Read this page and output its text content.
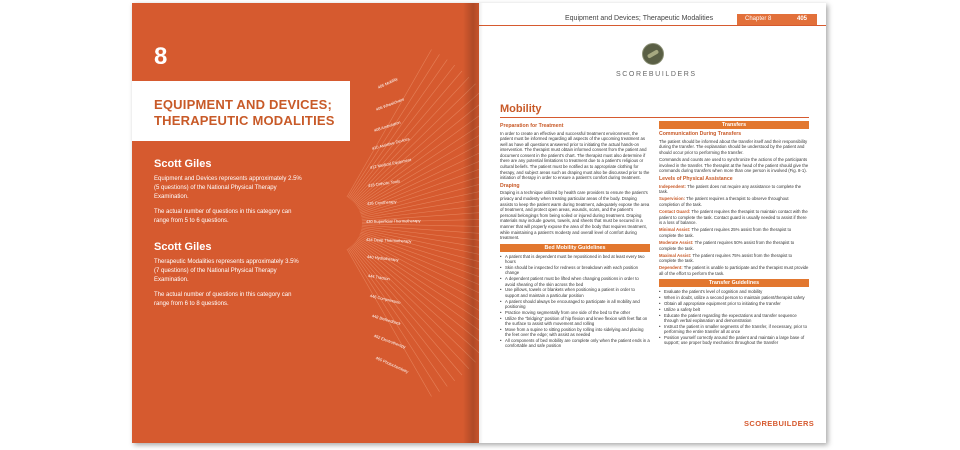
8
EQUIPMENT AND DEVICES;
THERAPEUTIC MODALITIES
Scott Giles
Equipment and Devices represents approximately 2.5% (5 questions) of the National Physical Therapy Examination.
The actual number of questions in this category can range from 5 to 6 questions.
Scott Giles
Therapeutic Modalities represents approximately 3.5% (7 questions) of the National Physical Therapy Examination.
The actual number of questions in this category can range from 6 to 8 questions.
405 Mobility
406 Wheelchairs
408 Ambulation
410 Assistive Devices
412 Medical Equipment
418 Orthotic Tools
426 Cryotherapy
430 Superficial Thermotherapy
434 Deep Thermotherapy
440 Hydrotherapy
444 Traction
446 Compression
448 Biofeedback
452 Electrotherapy
465 Photochemistry
Equipment and Devices; Therapeutic Modalities	Chapter 8	405
SCOREBUILDERS
Mobility
Preparation for Treatment
In order to create an effective and successful treatment environment, the patient must be informed regarding all aspects of the upcoming treatment as well as have all questions answered prior to initiating the actual hands-on intervention. The therapist must obtain informed consent from the patient and document consent in the patient's chart. The therapist must also determine if there are any potential limitations to treatment due to a patient's religious or cultural beliefs. The patient must be notified as to appropriate clothing for therapy, and subject areas such as draping must also be discussed prior to the initiation of therapy in order to ensure a patient's comfort during treatment.
Draping
Draping is a technique utilized by health care providers to ensure the patient's privacy and modesty when treating particular areas of the body. Draping assists to keep the patient warm during treatment, adequately expose the area of treatment, and protect open areas, wounds, scars, and the patient's personal belongings from being soiled or injured during treatment. Draping materials may include gowns, towels, and sheets that must be secured in a manner that will properly expose the area of the body that requires treatment, while maintaining a patient's modesty and overall level of comfort during treatment.
Bed Mobility Guidelines
• A patient that is dependent must be repositioned in bed at least every two hours
• Skin should be inspected for redness or breakdown with each position change
• A dependent patient must be lifted when changing positions in order to avoid shearing of the skin across the bed
• Use pillows, towels or blankets when positioning a patient in order to support and maintain a particular position
• A patient should always be encouraged to participate in all mobility and positioning
• Practice moving segmentally from one side of the bed to the other
• Utilize the "bridging" position of hip flexion and knee flexion with feet flat on the surface to assist with movement and rolling
• Move from a supine to sitting position by rolling into sidelying and placing the feet over the edge; with assist as needed
• All components of bed mobility are complete only when the patient ends in a comfortable and safe position
Transfers
Communication During Transfers
The patient should be informed about the transfer itself and their responsibility during the transfer. The explanation should be understood by the patient and should occur prior to performing the transfer.
Commands and counts are used to synchronize the actions of the participants involved in the transfer. The therapist at the head of the patient should give the commands during transfers when more than one person is involved (Fig. 8-1).
Levels of Physical Assistance
Independent: The patient does not require any assistance to complete the task.
Supervision: The patient requires a therapist to observe throughout completion of the task.
Contact Guard: The patient requires the therapist to maintain contact with the patient to complete the task. Contact guard is usually needed to assist if there is a loss of balance.
Minimal Assist: The patient requires 25% assist from the therapist to complete the task.
Moderate Assist: The patient requires 50% assist from the therapist to complete the task.
Maximal Assist: The patient requires 75% assist from the therapist to complete the task.
Dependent: The patient is unable to participate and the therapist must provide all of the effort to perform the task.
Transfer Guidelines
• Evaluate the patient's level of cognition and mobility
• When in doubt, utilize a second person to maintain patient/therapist safety
• Obtain all appropriate equipment prior to initiating the transfer
• Utilize a safety belt
• Educate the patient regarding the expectations and transfer sequence through verbal explanation and demonstration
• Instruct the patient in smaller segments of the transfer, if necessary, prior to performing the entire transfer all at once
• Position yourself correctly around the patient and maintain a large base of support; use proper body mechanics throughout the transfer
SCOREBUILDERS
